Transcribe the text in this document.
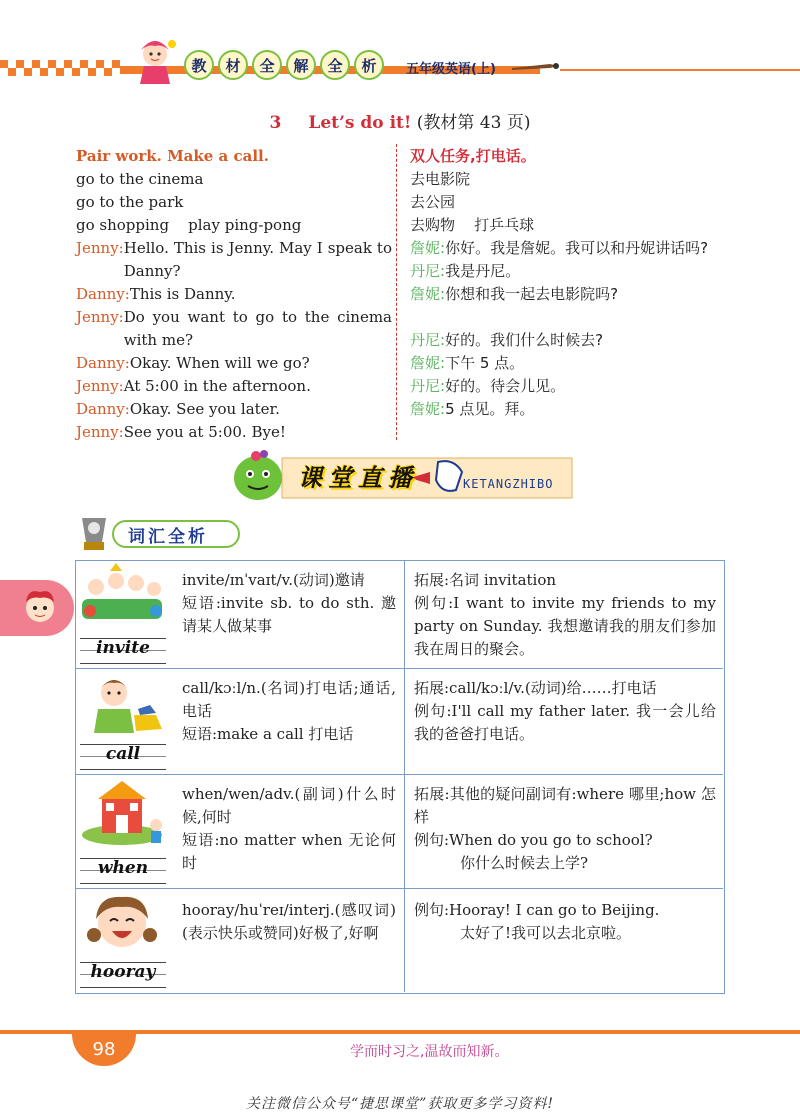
教	材	全	解	全	析	五年级英语(上)
3 Let’s do it! (教材第 43 页)
Pair work. Make a call.
go to the cinema
go to the park
go shopping    play ping-pong
Jenny: Hello. This is Jenny. May I speak to Danny?
Danny: This is Danny.
Jenny: Do you want to go to the cinema with me?
Danny: Okay. When will we go?
Jenny: At 5:00 in the afternoon.
Danny: Okay. See you later.
Jenny: See you at 5:00. Bye!
双人任务,打电话。
去电影院
去公园
去购物    打乒乓球
詹妮: 你好。我是詹妮。我可以和丹妮讲话吗?
丹尼: 我是丹尼。
詹妮: 你想和我一起去电影院吗?
丹尼: 好的。我们什么时候去?
詹妮: 下午 5 点。
丹尼: 好的。待会儿见。
詹妮: 5 点见。拜。
课堂直播	KETANGZHIBO
词汇全析
invite
invite/ɪnˈvaɪt/v.(动词)邀请
短语:invite sb. to do sth. 邀请某人做某事
拓展:名词 invitation
例句:I want to invite my friends to my party on Sunday. 我想邀请我的朋友们参加我在周日的聚会。
call
call/kɔːl/n.(名词)打电话;通话,电话
短语:make a call 打电话
拓展:call/kɔːl/v.(动词)给……打电话
例句:I'll call my father later. 我一会儿给我的爸爸打电话。
when
when/wen/adv.(副词)什么时候,何时
短语:no matter when 无论何时
拓展:其他的疑问副词有:where 哪里;how 怎样
例句:When do you go to school?
你什么时候去上学?
hooray
hooray/huˈreɪ/interj.(感叹词)(表示快乐或赞同)好极了,好啊
例句:Hooray! I can go to Beijing.
太好了!我可以去北京啦。
98	学而时习之,温故而知新。
关注微信公众号“捷思课堂”获取更多学习资料!
